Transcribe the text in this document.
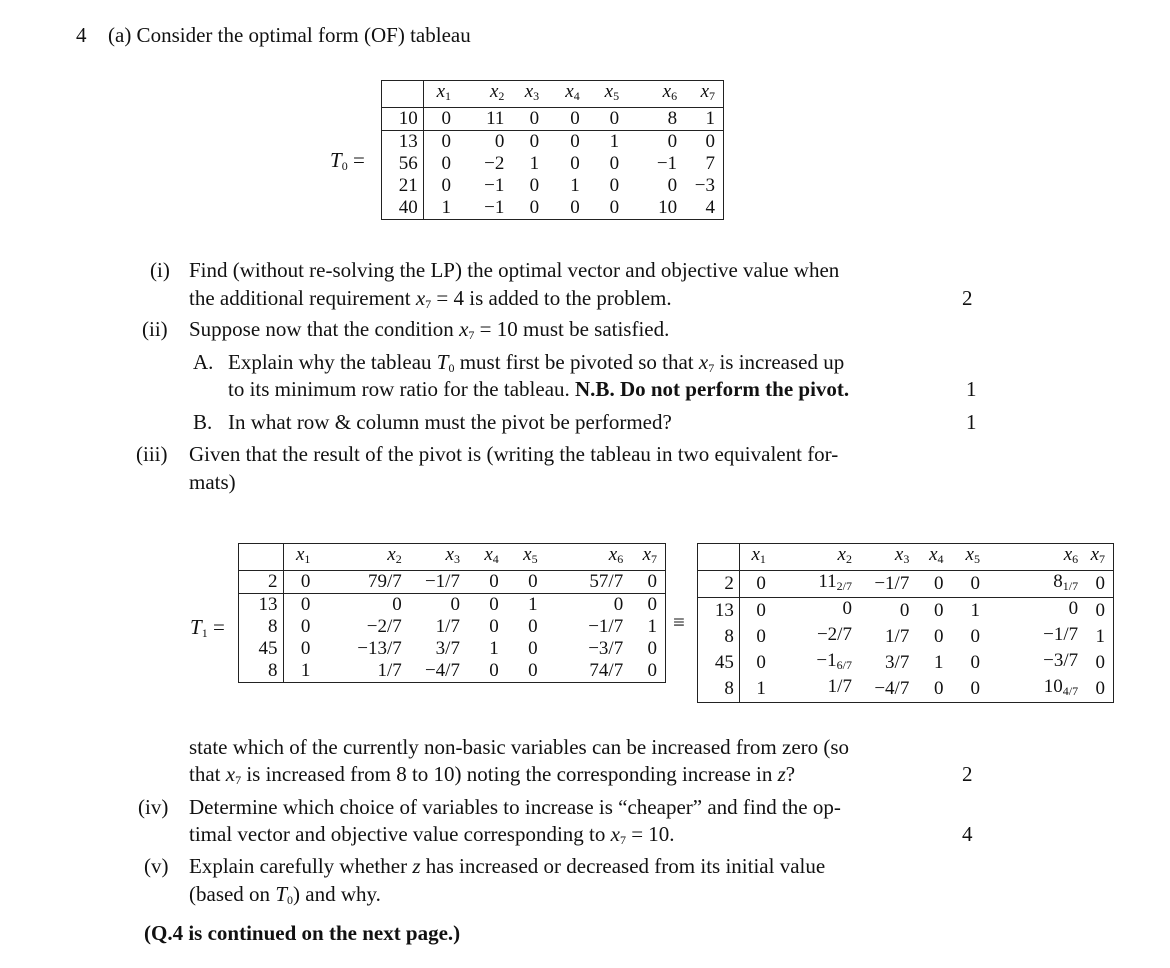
4 (a) Consider the optimal form (OF) tableau
$T_0$ =
	$x_1$	$x_2$	$x_3$	$x_4$	$x_5$	$x_6$	$x_7$
10	0	11	0	0	0	8	1
13	0	0	0	0	1	0	0
56	0	−2	1	0	0	−1	7
21	0	−1	0	1	0	0	−3
40	1	−1	0	0	0	10	4
(i) Find (without re-solving the LP) the optimal vector and objective value when
the additional requirement $x_7 = 4$ is added to the problem.	2
(ii) Suppose now that the condition $x_7 = 10$ must be satisfied.
A. Explain why the tableau $T_0$ must first be pivoted so that $x_7$ is increased up
to its minimum row ratio for the tableau. N.B. Do not perform the pivot.	1
B. In what row & column must the pivot be performed?	1
(iii) Given that the result of the pivot is (writing the tableau in two equivalent for-
mats)
$T_1$ =
	$x_1$	$x_2$	$x_3$	$x_4$	$x_5$	$x_6$	$x_7$
2	0	79/7	−1/7	0	0	57/7	0
13	0	0	0	0	1	0	0
8	0	−2/7	1/7	0	0	−1/7	1
45	0	−13/7	3/7	1	0	−3/7	0
8	1	1/7	−4/7	0	0	74/7	0
≡
	$x_1$	$x_2$	$x_3$	$x_4$	$x_5$	$x_6$	$x_7$
2	0	$11_{2/7}$	−1/7	0	0	$8_{1/7}$	0
13	0	0	0	0	1	0	0
8	0	−2/7	1/7	0	0	−1/7	1
45	0	$-1_{6/7}$	3/7	1	0	−3/7	0
8	1	1/7	−4/7	0	0	$10_{4/7}$	0
state which of the currently non-basic variables can be increased from zero (so
that $x_7$ is increased from 8 to 10) noting the corresponding increase in z?	2
(iv) Determine which choice of variables to increase is “cheaper” and find the op-
timal vector and objective value corresponding to $x_7 = 10$.	4
(v) Explain carefully whether z has increased or decreased from its initial value
(based on $T_0$) and why.
(Q.4 is continued on the next page.)
